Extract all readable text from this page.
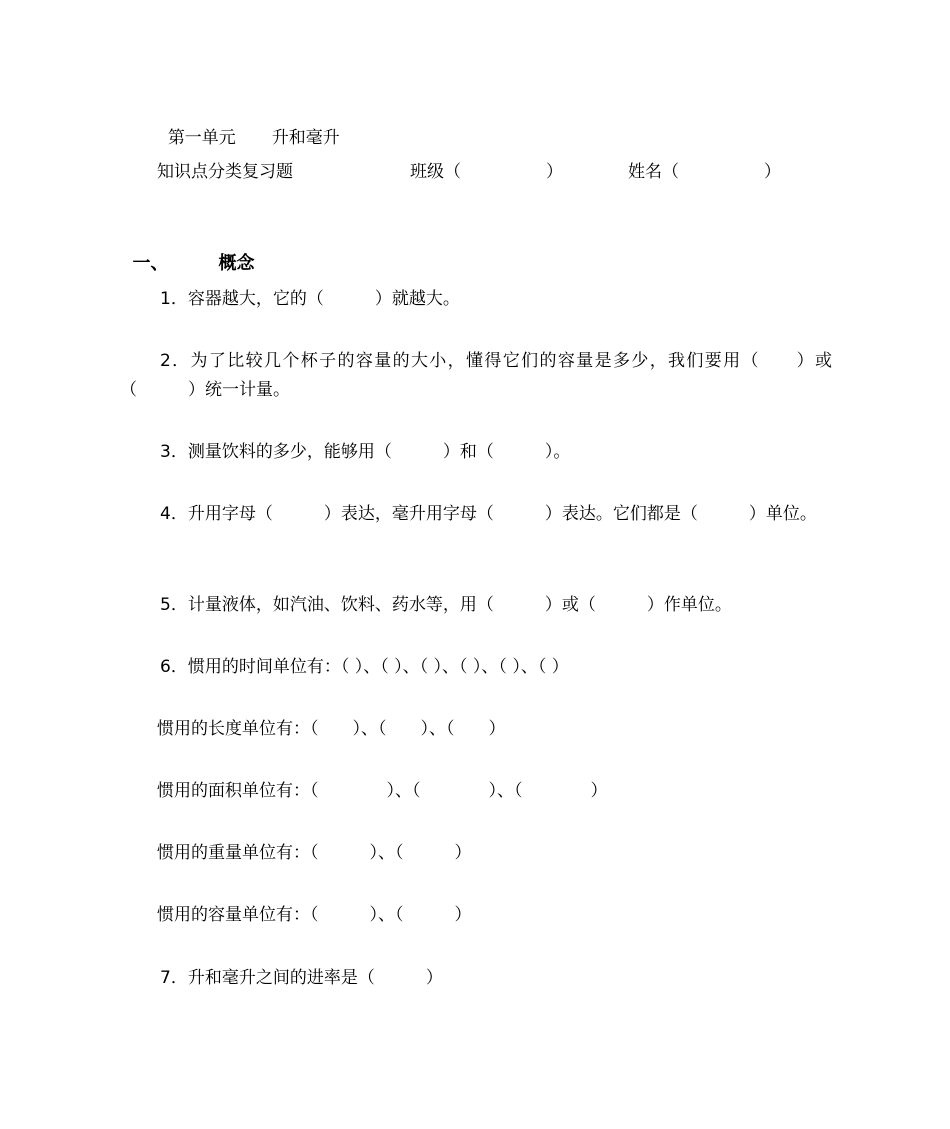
第一单元 升和毫升

知识点分类复习题	班级（　　　　　）	姓名（　　　　　）

一、	概念

1．容器越大，它的（　　　）就越大。
2．为了比较几个杯子的容量的大小，懂得它们的容量是多少，我们要用（　　）或（　　　）统一计量。
3．测量饮料的多少，能够用（　　　）和（　　　）。
4．升用字母（　　　）表达，毫升用字母（　　　）表达。它们都是（　　　）单位。
5．计量液体，如汽油、饮料、药水等，用（　　　）或（　　　）作单位。
6．惯用的时间单位有：（ ）、（ ）、（ ）、（ ）、（ ）、（ ）
惯用的长度单位有：（　　）、（　　）、（　　）
惯用的面积单位有：（　　　　）、（　　　　）、（　　　　）
惯用的重量单位有：（　　　）、（　　　）
惯用的容量单位有：（　　　）、（　　　）
7．升和毫升之间的进率是（　　　）
